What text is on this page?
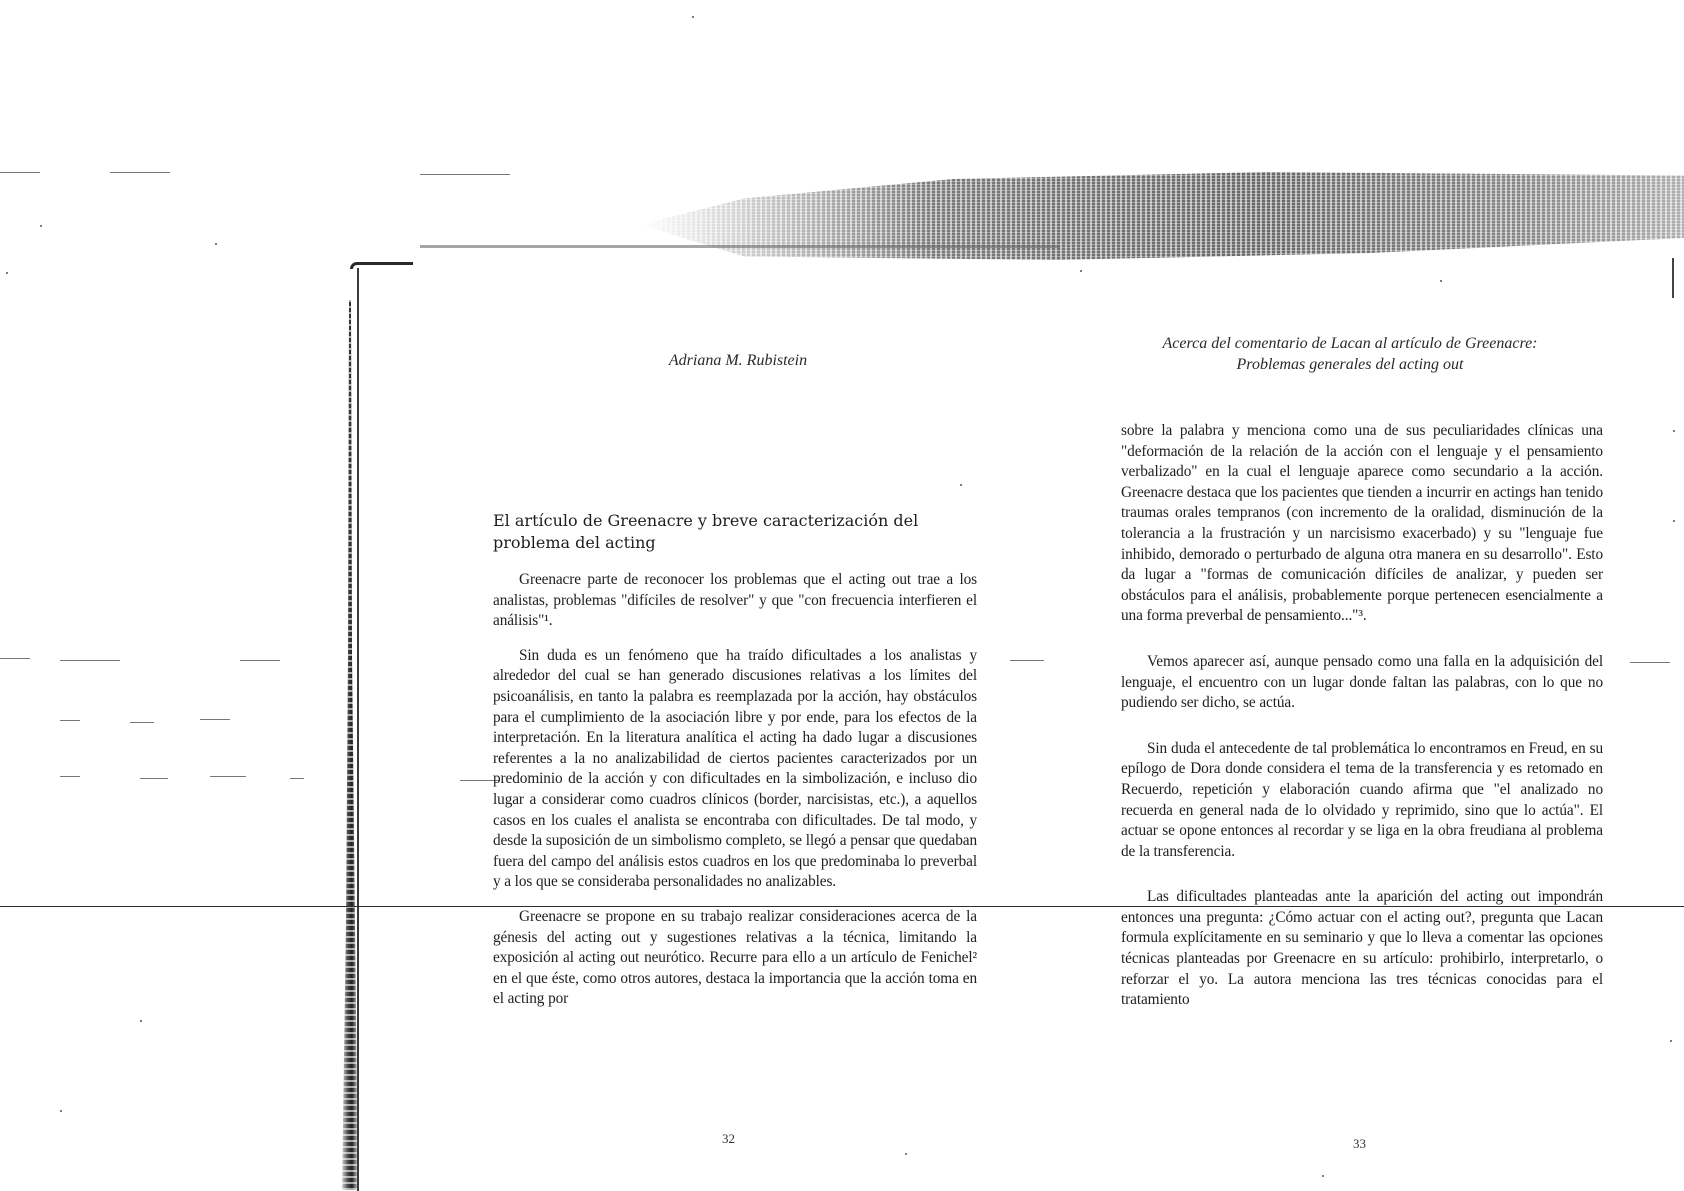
Adriana M. Rubistein
El artículo de Greenacre y breve caracterización del problema del acting

Greenacre parte de reconocer los problemas que el acting out trae a los analistas, problemas "difíciles de resolver" y que "con frecuencia interfieren el análisis"¹.

Sin duda es un fenómeno que ha traído dificultades a los analistas y alrededor del cual se han generado discusiones relativas a los límites del psicoanálisis, en tanto la palabra es reemplazada por la acción, hay obstáculos para el cumplimiento de la asociación libre y por ende, para los efectos de la interpretación. En la literatura analítica el acting ha dado lugar a discusiones referentes a la no analizabilidad de ciertos pacientes caracterizados por un predominio de la acción y con dificultades en la simbolización, e incluso dio lugar a considerar como cuadros clínicos (border, narcisistas, etc.), a aquellos casos en los cuales el analista se encontraba con dificultades. De tal modo, y desde la suposición de un simbolismo completo, se llegó a pensar que quedaban fuera del campo del análisis estos cuadros en los que predominaba lo preverbal y a los que se consideraba personalidades no analizables.

Greenacre se propone en su trabajo realizar consideraciones acerca de la génesis del acting out y sugestiones relativas a la técnica, limitando la exposición al acting out neurótico. Recurre para ello a un artículo de Fenichel² en el que éste, como otros autores, destaca la importancia que la acción toma en el acting por

32
Acerca del comentario de Lacan al artículo de Greenacre:
Problemas generales del acting out

sobre la palabra y menciona como una de sus peculiaridades clínicas una "deformación de la relación de la acción con el lenguaje y el pensamiento verbalizado" en la cual el lenguaje aparece como secundario a la acción. Greenacre destaca que los pacientes que tienden a incurrir en actings han tenido traumas orales tempranos (con incremento de la oralidad, disminución de la tolerancia a la frustración y un narcisismo exacerbado) y su "lenguaje fue inhibido, demorado o perturbado de alguna otra manera en su desarrollo". Esto da lugar a "formas de comunicación difíciles de analizar, y pueden ser obstáculos para el análisis, probablemente porque pertenecen esencialmente a una forma preverbal de pensamiento..."³.

Vemos aparecer así, aunque pensado como una falla en la adquisición del lenguaje, el encuentro con un lugar donde faltan las palabras, con lo que no pudiendo ser dicho, se actúa.

Sin duda el antecedente de tal problemática lo encontramos en Freud, en su epílogo de Dora donde considera el tema de la transferencia y es retomado en Recuerdo, repetición y elaboración cuando afirma que "el analizado no recuerda en general nada de lo olvidado y reprimido, sino que lo actúa". El actuar se opone entonces al recordar y se liga en la obra freudiana al problema de la transferencia.

Las dificultades planteadas ante la aparición del acting out impondrán entonces una pregunta: ¿Cómo actuar con el acting out?, pregunta que Lacan formula explícitamente en su seminario y que lo lleva a comentar las opciones técnicas planteadas por Greenacre en su artículo: prohibirlo, interpretarlo, o reforzar el yo. La autora menciona las tres técnicas conocidas para el tratamiento

33
